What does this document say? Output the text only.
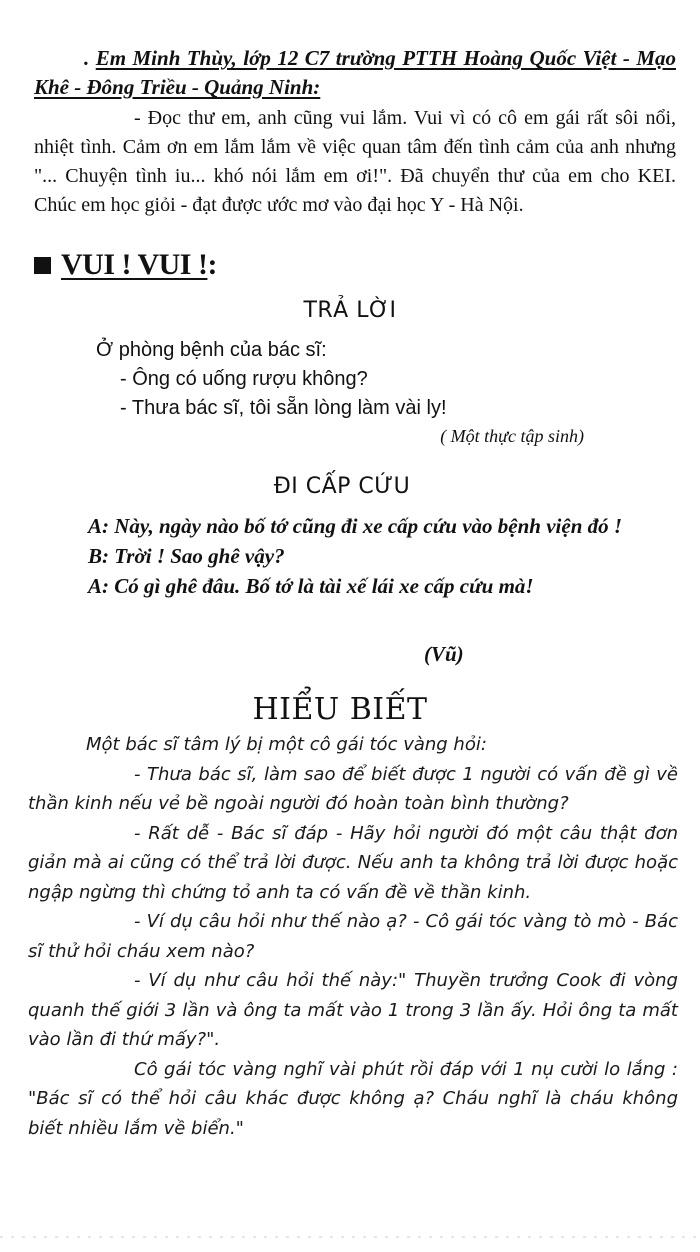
. Em Minh Thùy, lớp 12 C7 trường PTTH Hoàng Quốc Việt - Mạo Khê - Đông Triều - Quảng Ninh:
- Đọc thư em, anh cũng vui lắm. Vui vì có cô em gái rất sôi nổi, nhiệt tình. Cảm ơn em lắm lắm về việc quan tâm đến tình cảm của anh nhưng "... Chuyện tình iu... khó nói lắm em ơi!". Đã chuyển thư của em cho KEI. Chúc em học giỏi - đạt được ước mơ vào đại học Y - Hà Nội.
VUI ! VUI ! :
TRẢ LỜI
Ở phòng bệnh của bác sĩ:
- Ông có uống rượu không?
- Thưa bác sĩ, tôi sẵn lòng làm vài ly!
( Một thực tập sinh)
ĐI CẤP CỨU
A: Này, ngày nào bố tớ cũng đi xe cấp cứu vào bệnh viện đó !
B: Trời ! Sao ghê vậy?
A: Có gì ghê đâu. Bố tớ là tài xế lái xe cấp cứu mà!
(Vũ)
HIỂU BIẾT

Một bác sĩ tâm lý bị một cô gái tóc vàng hỏi:

- Thưa bác sĩ, làm sao để biết được 1 người có vấn đề gì về thần kinh nếu vẻ bề ngoài người đó hoàn toàn bình thường?

- Rất dễ - Bác sĩ đáp - Hãy hỏi người đó một câu thật đơn giản mà ai cũng có thể trả lời được. Nếu anh ta không trả lời được hoặc ngập ngừng thì chứng tỏ anh ta có vấn đề về thần kinh.

- Ví dụ câu hỏi như thế nào ạ? - Cô gái tóc vàng tò mò - Bác sĩ thử hỏi cháu xem nào?

- Ví dụ như câu hỏi thế này:" Thuyền trưởng Cook đi vòng quanh thế giới 3 lần và ông ta mất vào 1 trong 3 lần ấy. Hỏi ông ta mất vào lần đi thứ mấy?".

Cô gái tóc vàng nghĩ vài phút rồi đáp với 1 nụ cười lo lắng : "Bác sĩ có thể hỏi câu khác được không ạ? Cháu nghĩ là cháu không biết nhiều lắm về biển."
